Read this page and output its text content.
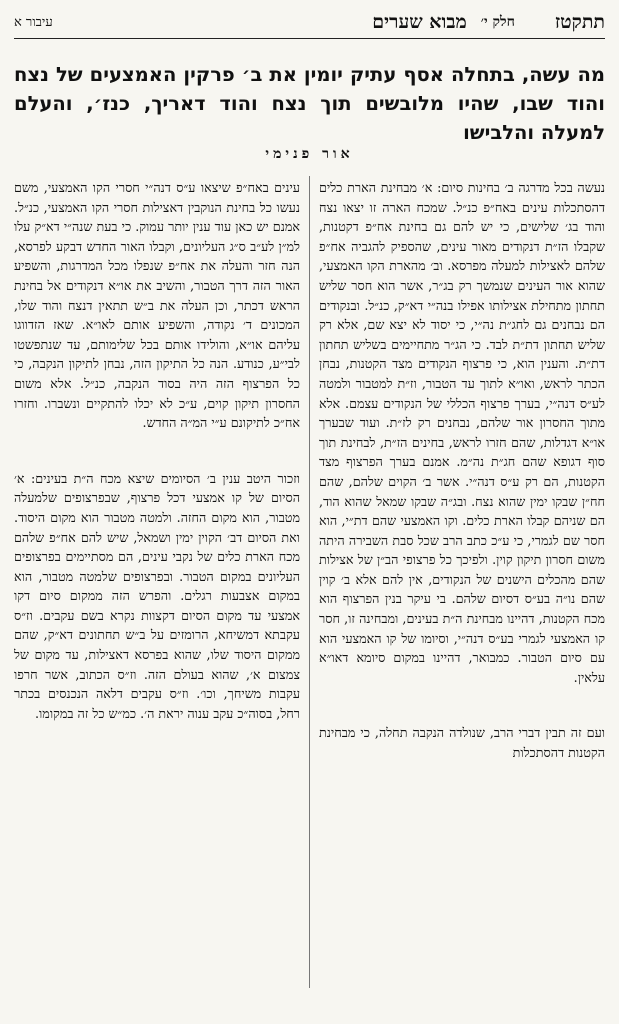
תתקטז
חלק י׳
מבוא שערים
עיבור א
מה עשה, בתחלה אסף עתיק יומין את ב׳ פרקין האמצעים של נצח והוד שבו, שהיו מלובשים תוך נצח והוד דאריך, כנז׳, והעלם למעלה והלבישו
אור פנימי

נעשה בכל מדרגה ב׳ בחינות סיום: א׳ מבחינת הארת כלים דהסתכלות עינים באח״פ כנ״ל. שמכח הארה זו יצאו נצח והוד בג׳ שלישים, כי יש להם גם בחינת אח״פ דקטנות, שקבלו הז״ת דנקודים מאור עינים, שהספיק להגביה אח״פ שלהם לאצילות למעלה מפרסא. וב׳ מהארת הקו האמצעי, שהוא אור העינים שנמשך רק בג״ר, אשר הוא חסר שליש תחתון מתחילת אצילותו אפילו בנה״י דא״ק, כנ״ל. ובנקודים הם נבחנים גם לחג״ת נה״י, כי יסוד לא יצא שם, אלא רק שליש תחתון דת״ת לבד. כי הג״ר מתחיימים בשליש תחתון דת״ת. והענין הוא, כי פרצוף הנקודים מצד הקטנות, נבחן הכתר לראש, ואו״א לתוך עד הטבור, וז״ת למטבור ולמטה לע״ס דנה״י, בערך פרצוף הכללי של הנקודים עצמם. אלא מתוך החסרון אור שלהם, נבחנים רק לז״ת. ועוד שבערך או״א דגדלות, שהם חזרו לראש, בחינים הז״ת, לבחינת תוך סוף דגופא שהם חג״ת נה״מ. אמנם בערך הפרצוף מצד הקטנות, הם רק ע״ס דנה״י. אשר ב׳ הקוים שלהם, שהם חח״ן שבקו ימין שהוא נצח. ובג״ה שבקו שמאל שהוא הוד, הם שניהם קבלו הארת כלים. וקו האמצעי שהם דת״י, הוא חסר שם לגמרי, כי ע״כ כתב הרב שכל סבת השבירה היתה משום חסרון תיקון קוין. ולפיכך כל פרצופי הב״ן של אצילות שהם מהכלים הישנים של הנקודים, אין להם אלא ב׳ קוין שהם נו״ה בע״ס דסיום שלהם. בי עיקר בנין הפרצוף הוא מכח הקטנות, דהיינו מבחינת ה״ת בעינים, ומבחינה זו, חסר קו האמצעי לגמרי בע״ס דנה״י, וסיומו של קו האמצעי הוא עם סיום הטבור. כמבואר, דהיינו במקום סיומא דאו״א עלאין.

ועם זה תבין דברי הרב, שנולדה הנקבה תחלה, כי מבחינת הקטנות דהסתכלות

עינים באח״פ שיצאו ע״ס דנה״י חסרי הקו האמצעי, משם נעשו כל בחינת הנוקבין דאצילות חסרי הקו האמצעי, כנ״ל. אמנם יש כאן עוד ענין יותר עמוק. כי בעת שנה״י דא״ק עלו למ״ן לע״ב ס״ג העליונים, וקבלו האור החדש דבקע לפרסא, הנה חזר והעלה את אח״פ שנפלו מכל המדרגות, והשפיע האור הזה דרך הטבור, והשיב את או״א דנקודים אל בחינת הראש דכתר, וכן העלה את ב״ש תתאין דנצח והוד שלו, המכונים ד׳ נקודה, והשפיע אותם לאו״א. שאז הזדווגו עליהם או״א, והולידו אותם בכל שלימותם, עד שנתפשטו לבי״ע, כנודע. הנה כל התיקון הזה, נבחן לתיקון הנקבה, כי כל הפרצוף הזה היה בסוד הנקבה, כנ״ל. אלא משום החסרון תיקון קוים, ע״כ לא יכלו להתקיים ונשברו. וחזרו אח״כ לתיקונם ע״י המ״ה החדש.

וזכור היטב ענין ב׳ הסיומים שיצא מכח ה״ת בעינים: א׳ הסיום של קו אמצעי דכל פרצוף, שבפרצופים שלמעלה מטבור, הוא מקום החזה. ולמטה מטבור הוא מקום היסוד. ואת הסיום דב׳ הקוין ימין ושמאל, שיש להם אח״פ שלהם מכח הארת כלים של נקבי עינים, הם מסתיימים בפרצופים העליונים במקום הטבור. ובפרצופים שלמטה מטבור, הוא במקום אצבעות רגלים. והפרש הזה ממקום סיום דקו אמצעי עד מקום הסיום דקצוות נקרא בשם עקבים. וז״ס עקבתא דמשיחא, הרומזים על ב״ש תחתונים דא״ק, שהם ממקום היסוד שלו, שהוא בפרסא דאצילות, עד מקום של צמצום א׳, שהוא בעולם הזה. וז״ס הכתוב, אשר חרפו עקבות משיחך, וכו׳. וז״ס עקבים דלאה הנכנסים בכתר רחל, בסוה״כ עקב ענוה יראת ה׳. כמ״ש כל זה במקומו.
